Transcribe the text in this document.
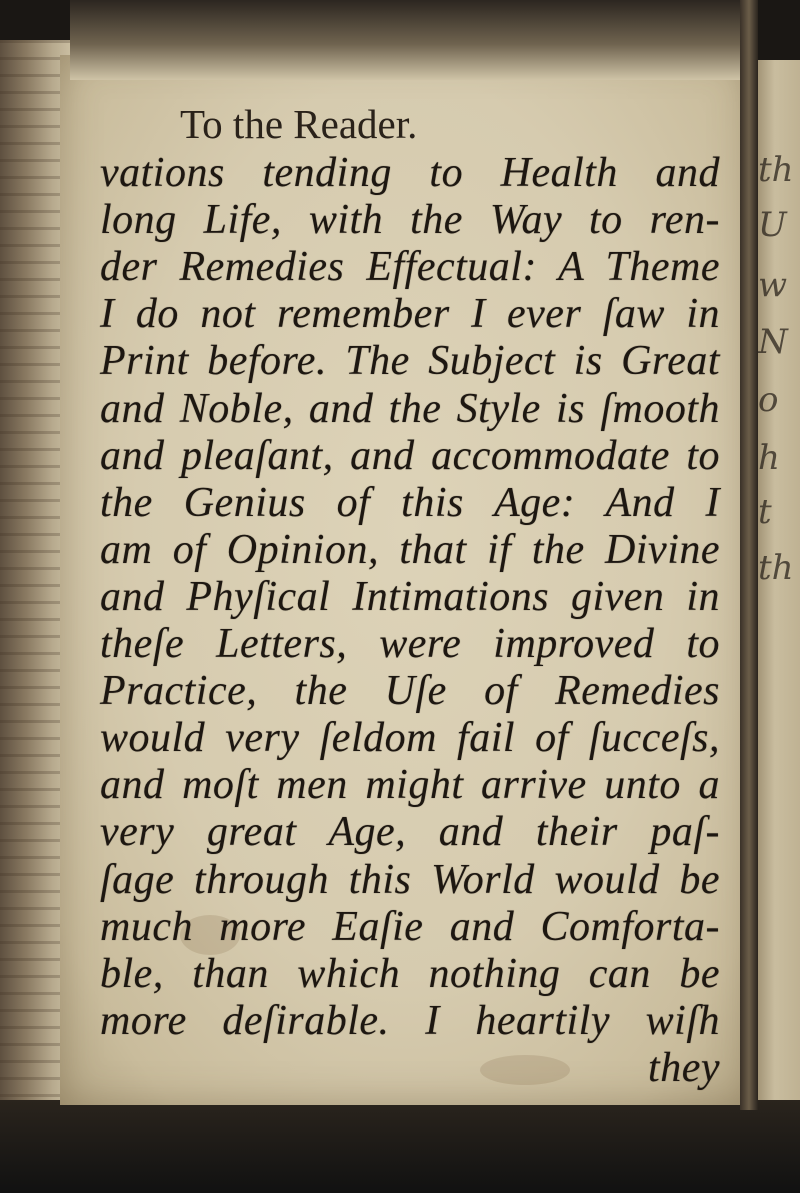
th
U
w
N
o
h
t
th
To the Reader.
vations tending to Health and
long Life, with the Way to ren-
der Remedies Effectual: A Theme
I do not remember I ever ſaw in
Print before. The Subject is Great
and Noble, and the Style is ſmooth
and pleaſant, and accommodate to
the Genius of this Age: And I
am of Opinion, that if the Divine
and Phyſical Intimations given in
theſe Letters, were improved to
Practice, the Uſe of Remedies
would very ſeldom fail of ſucceſs,
and moſt men might arrive unto a
very great Age, and their paſ-
ſage through this World would be
much more Eaſie and Comforta-
ble, than which nothing can be
more deſirable. I heartily wiſh
they
